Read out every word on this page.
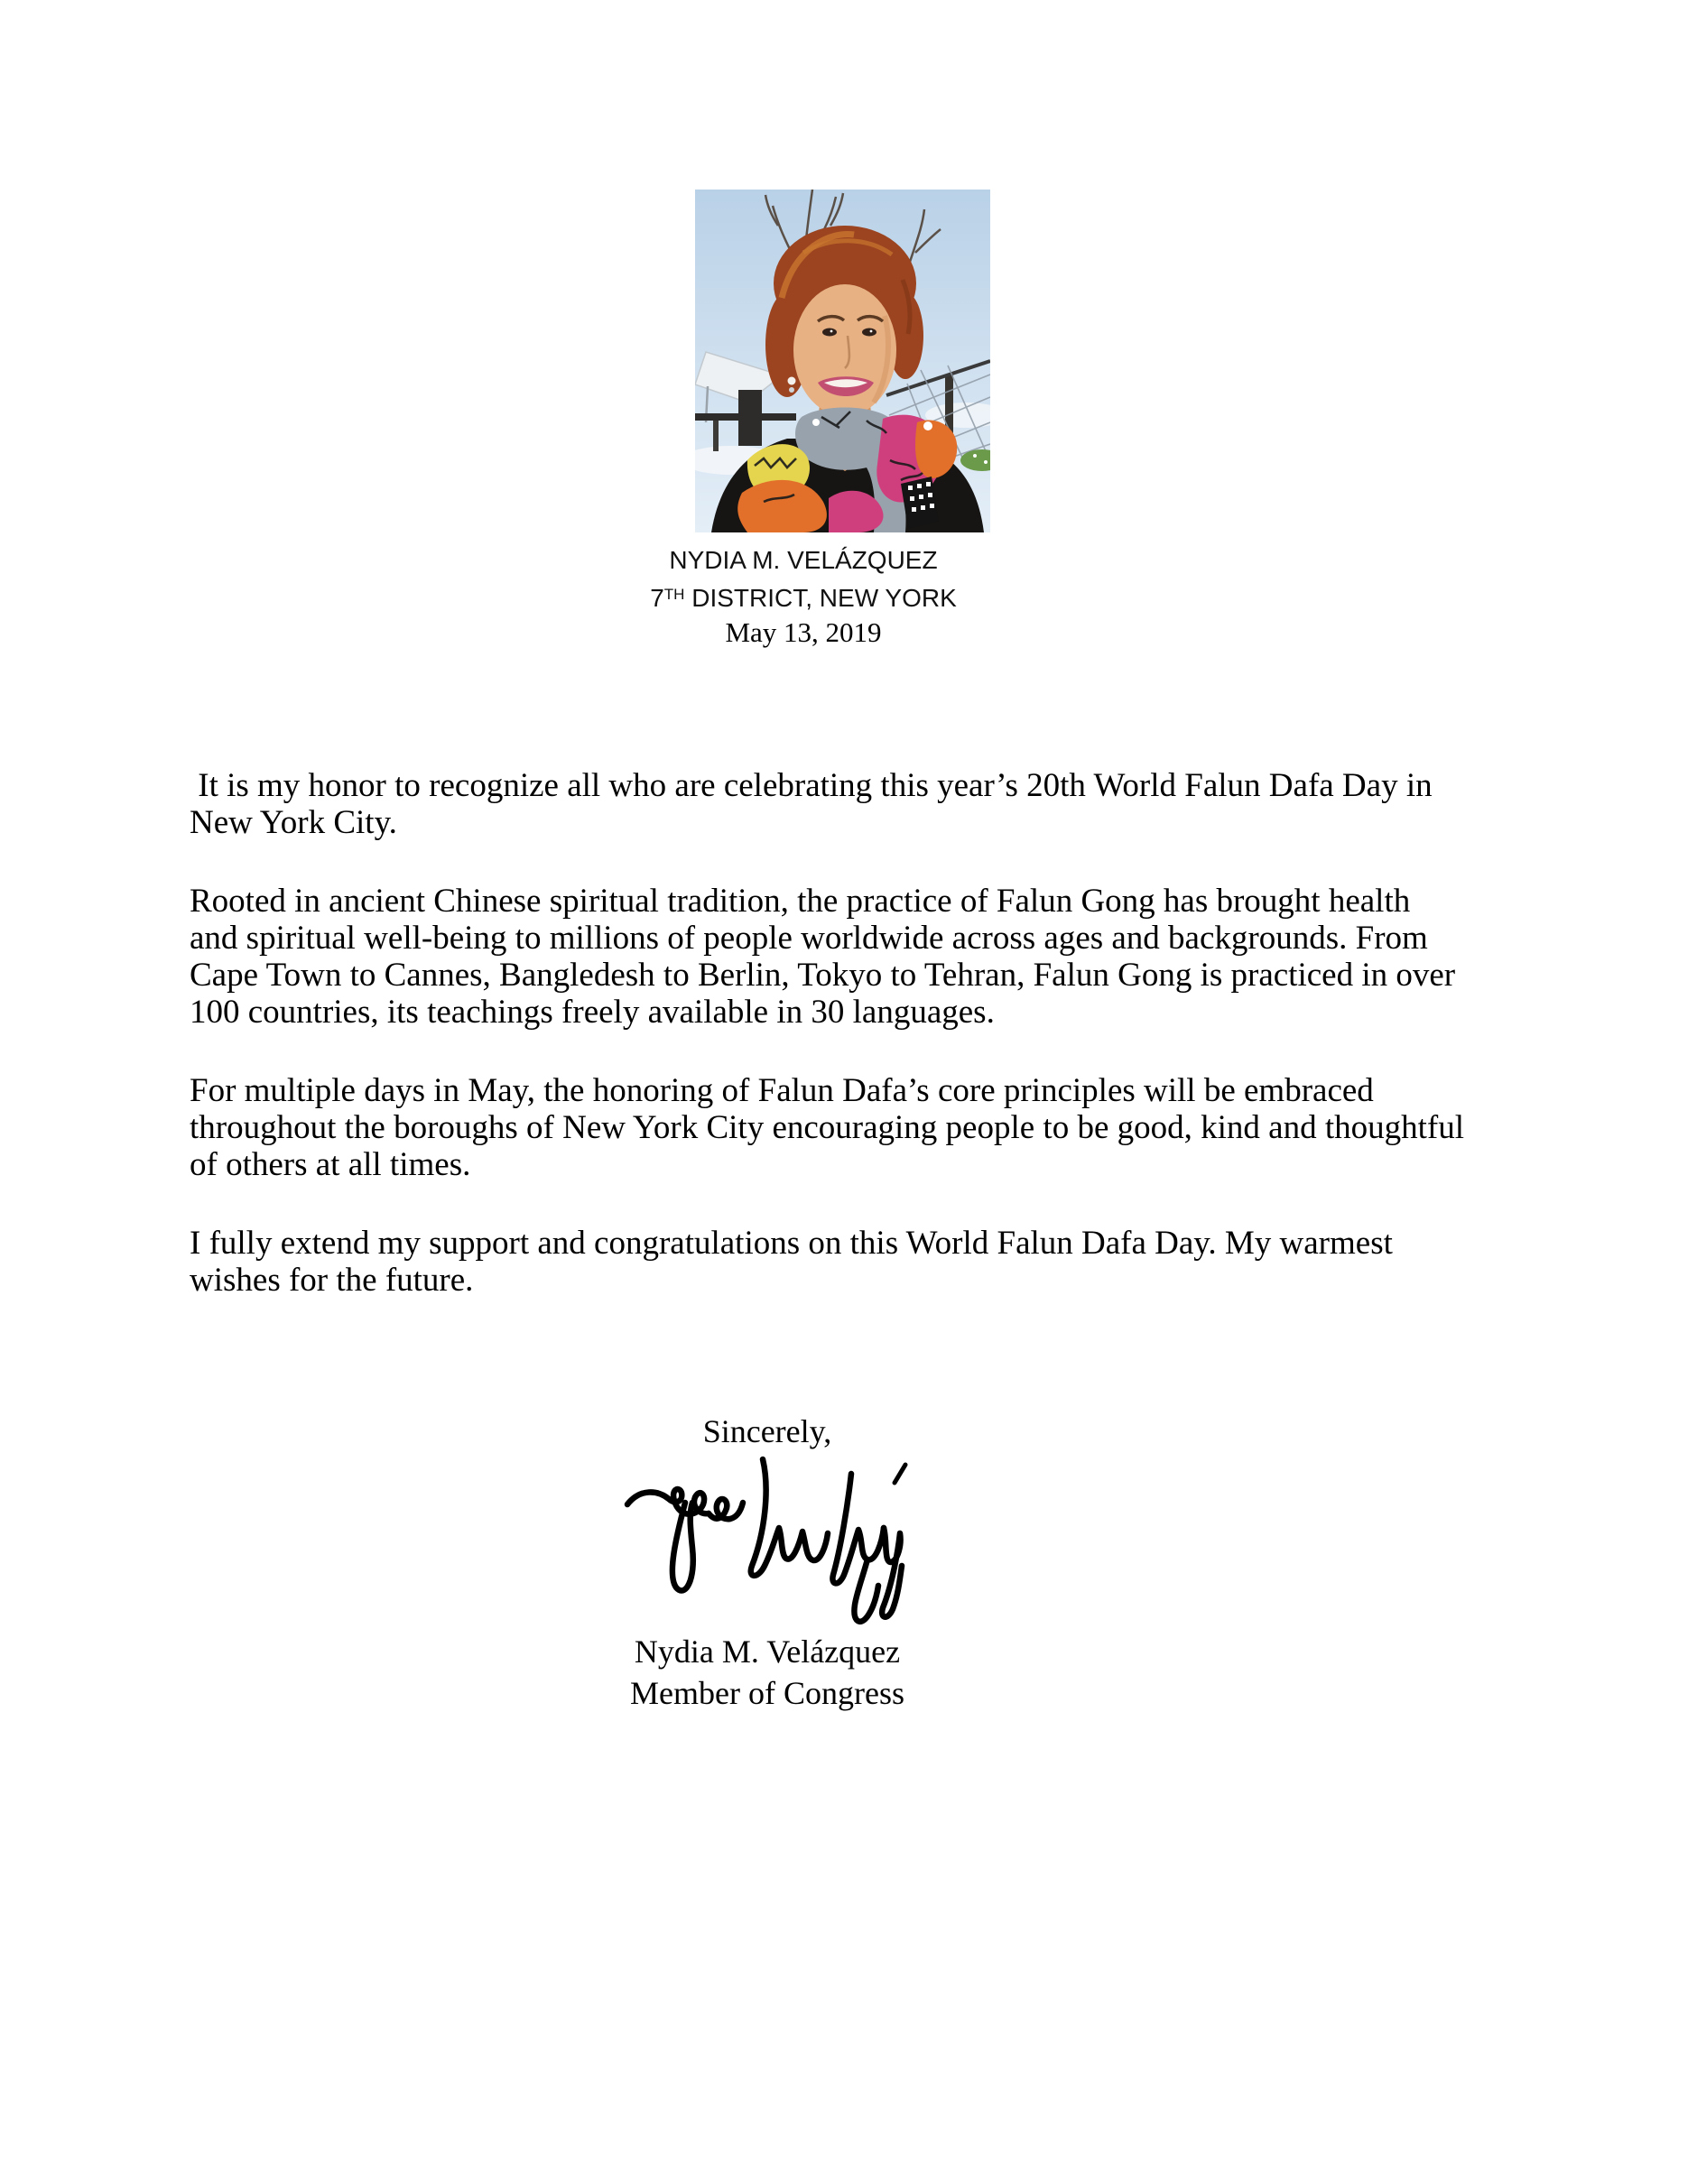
NYDIA M. VELÁZQUEZ
7TH DISTRICT, NEW YORK
May 13, 2019

It is my honor to recognize all who are celebrating this year’s 20th World Falun Dafa Day in New York City.

Rooted in ancient Chinese spiritual tradition, the practice of Falun Gong has brought health and spiritual well-being to millions of people worldwide across ages and backgrounds. From Cape Town to Cannes, Bangledesh to Berlin, Tokyo to Tehran, Falun Gong is practiced in over 100 countries, its teachings freely available in 30 languages.

For multiple days in May, the honoring of Falun Dafa’s core principles will be embraced throughout the boroughs of New York City encouraging people to be good, kind and thoughtful of others at all times.

I fully extend my support and congratulations on this World Falun Dafa Day. My warmest wishes for the future.

Sincerely,
Nydia M. Velázquez
Member of Congress
